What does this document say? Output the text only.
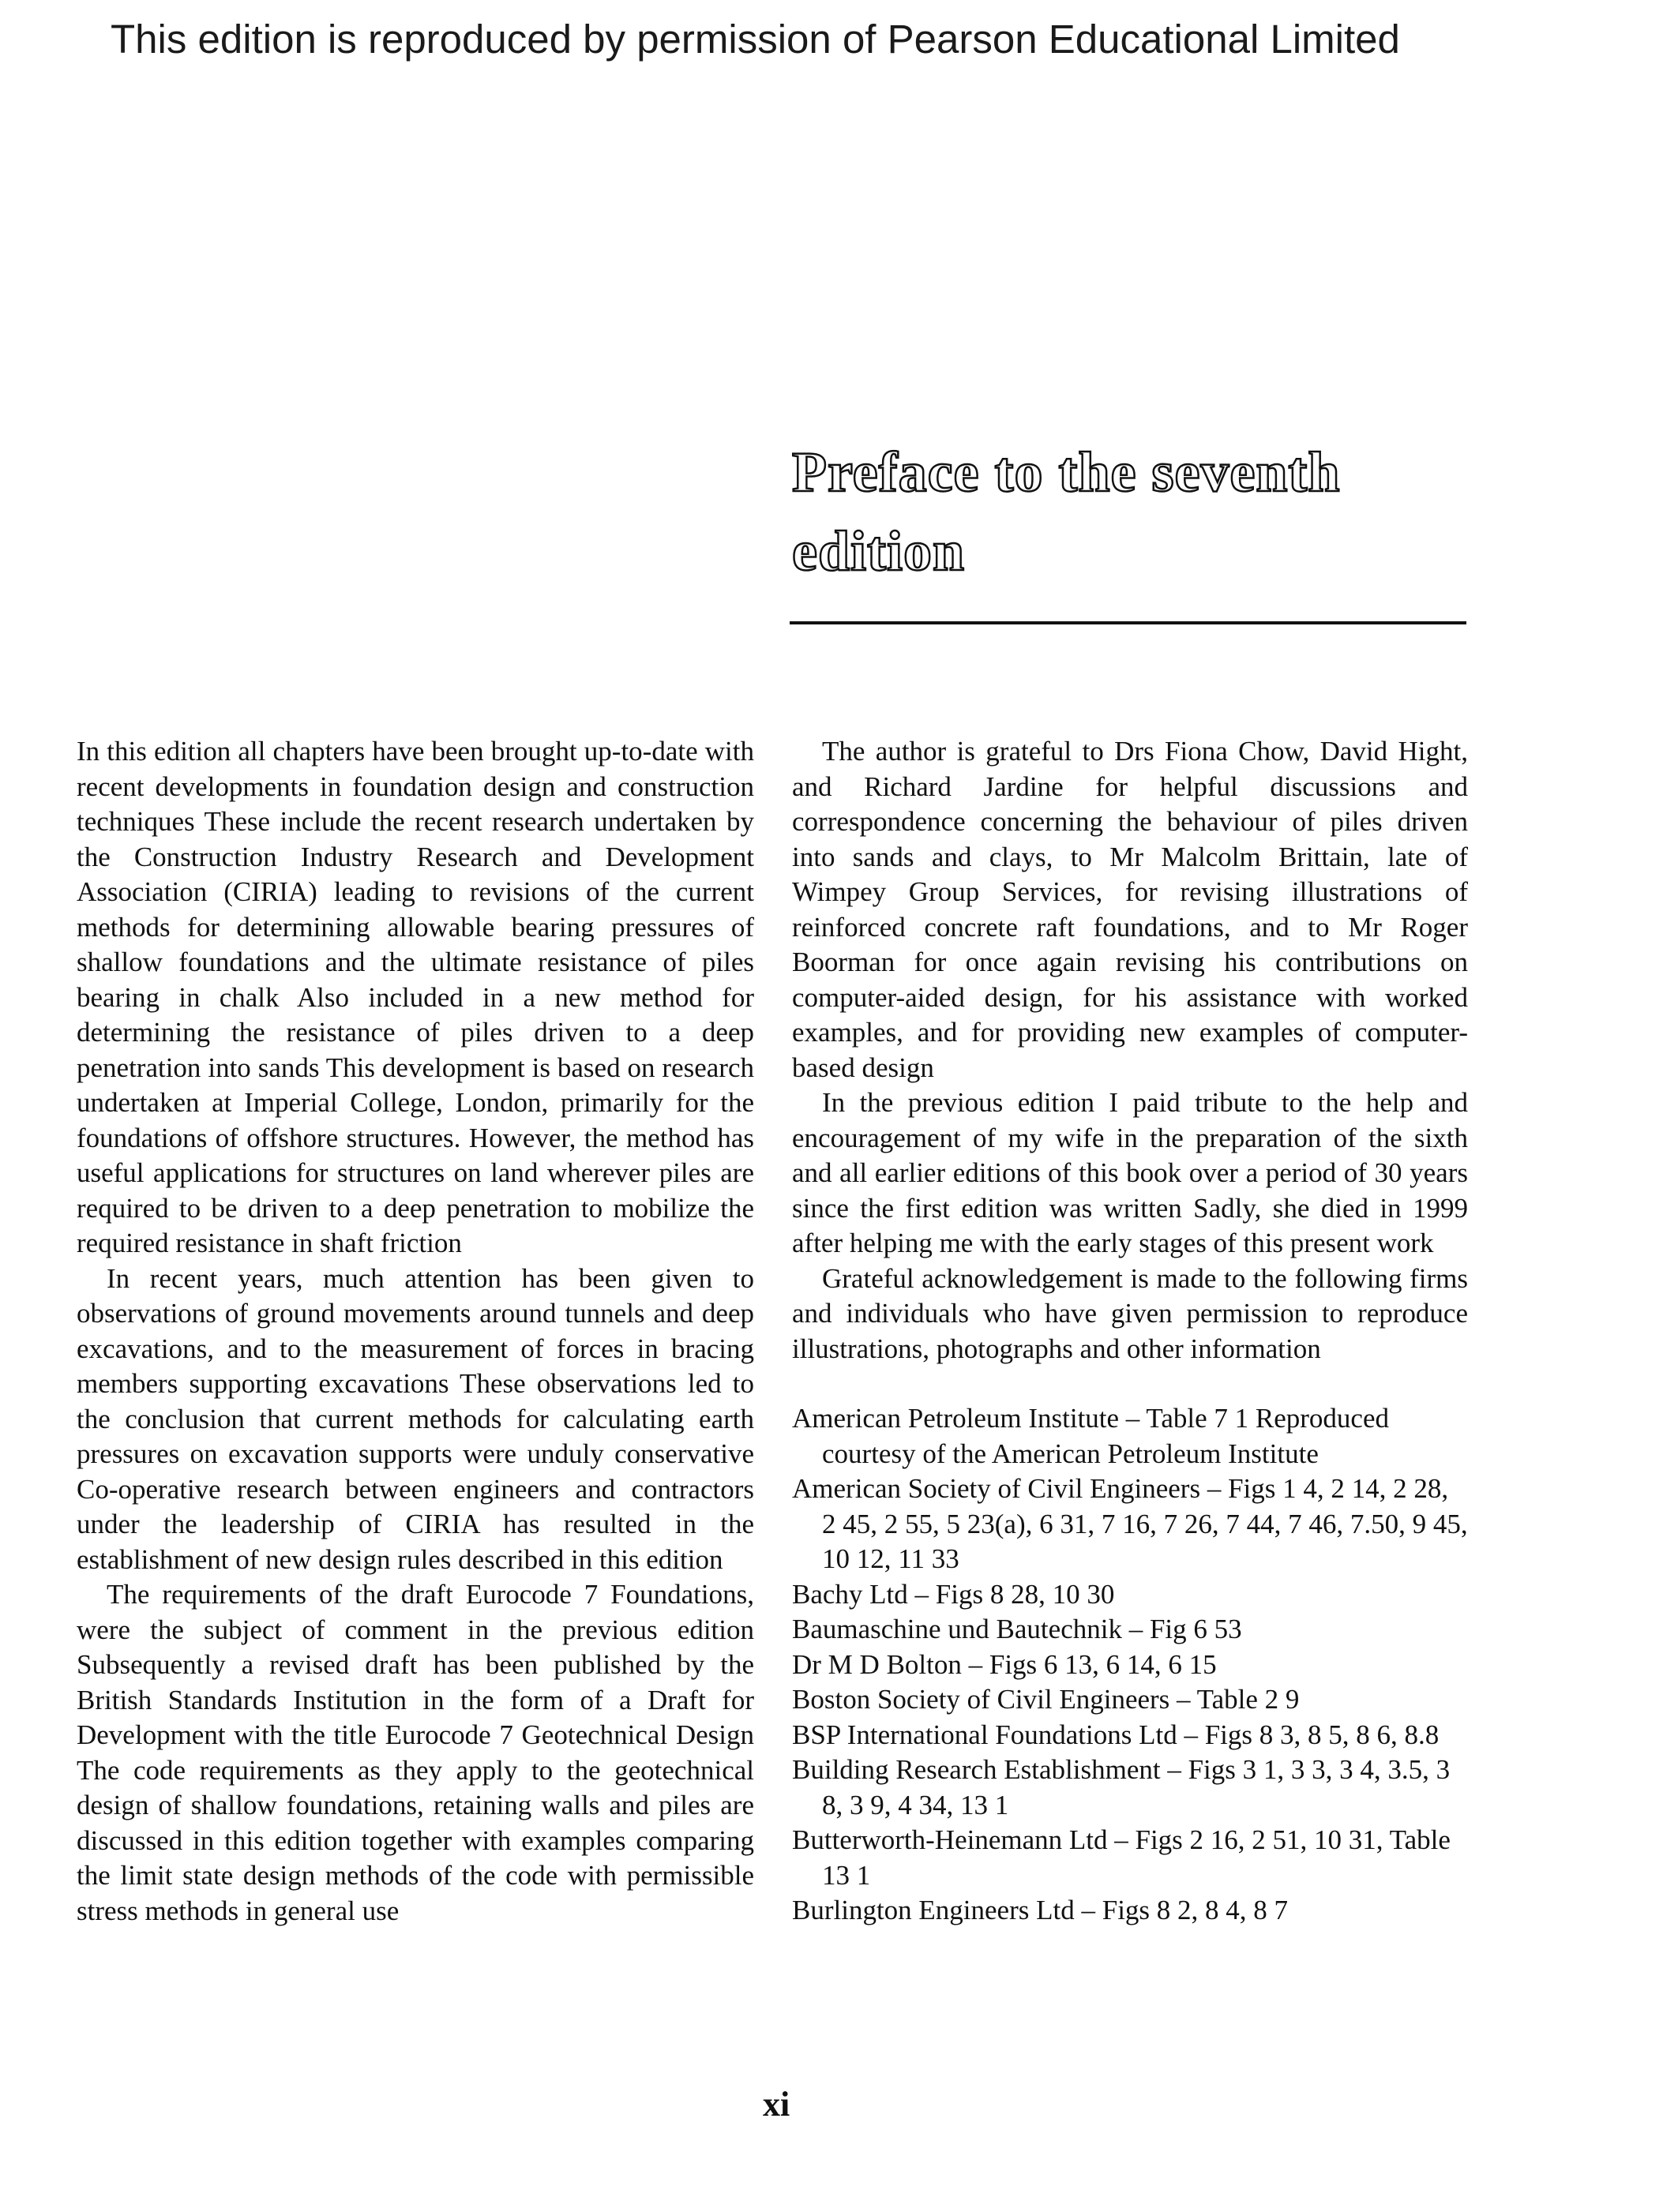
This edition is reproduced by permission of Pearson Educational Limited
Preface to the seventh edition

In this edition all chapters have been brought up-to-date with recent developments in foundation design and construction techniques These include the recent research undertaken by the Construction Industry Research and Development Association (CIRIA) leading to revisions of the current methods for determining allowable bearing pressures of shallow foundations and the ultimate resistance of piles bearing in chalk Also included in a new method for determining the resistance of piles driven to a deep penetration into sands This development is based on research undertaken at Imperial College, London, primarily for the foundations of offshore structures. However, the method has useful applications for structures on land wherever piles are required to be driven to a deep penetration to mobilize the required resistance in shaft friction

In recent years, much attention has been given to observations of ground movements around tunnels and deep excavations, and to the measurement of forces in bracing members supporting excavations These observations led to the conclusion that current methods for calculating earth pressures on excavation supports were unduly conservative Co-operative research between engineers and contractors under the leadership of CIRIA has resulted in the establishment of new design rules described in this edition

The requirements of the draft Eurocode 7 Foundations, were the subject of comment in the previous edition Subsequently a revised draft has been published by the British Standards Institution in the form of a Draft for Development with the title Eurocode 7 Geotechnical Design The code requirements as they apply to the geotechnical design of shallow foundations, retaining walls and piles are discussed in this edition together with examples comparing the limit state design methods of the code with permissible stress methods in general use

The author is grateful to Drs Fiona Chow, David Hight, and Richard Jardine for helpful discussions and correspondence concerning the behaviour of piles driven into sands and clays, to Mr Malcolm Brittain, late of Wimpey Group Services, for revising illustrations of reinforced concrete raft foundations, and to Mr Roger Boorman for once again revising his contributions on computer-aided design, for his assistance with worked examples, and for providing new examples of computer-based design

In the previous edition I paid tribute to the help and encouragement of my wife in the preparation of the sixth and all earlier editions of this book over a period of 30 years since the first edition was written Sadly, she died in 1999 after helping me with the early stages of this present work

Grateful acknowledgement is made to the following firms and individuals who have given permission to reproduce illustrations, photographs and other information

American Petroleum Institute – Table 7 1 Reproduced courtesy of the American Petroleum Institute

American Society of Civil Engineers – Figs 1 4, 2 14, 2 28, 2 45, 2 55, 5 23(a), 6 31, 7 16, 7 26, 7 44, 7 46, 7.50, 9 45, 10 12, 11 33

Bachy Ltd – Figs 8 28, 10 30

Baumaschine und Bautechnik – Fig 6 53

Dr M D Bolton – Figs 6 13, 6 14, 6 15

Boston Society of Civil Engineers – Table 2 9

BSP International Foundations Ltd – Figs 8 3, 8 5, 8 6, 8.8

Building Research Establishment – Figs 3 1, 3 3, 3 4, 3.5, 3 8, 3 9, 4 34, 13 1

Butterworth-Heinemann Ltd – Figs 2 16, 2 51, 10 31, Table 13 1

Burlington Engineers Ltd – Figs 8 2, 8 4, 8 7

xi
